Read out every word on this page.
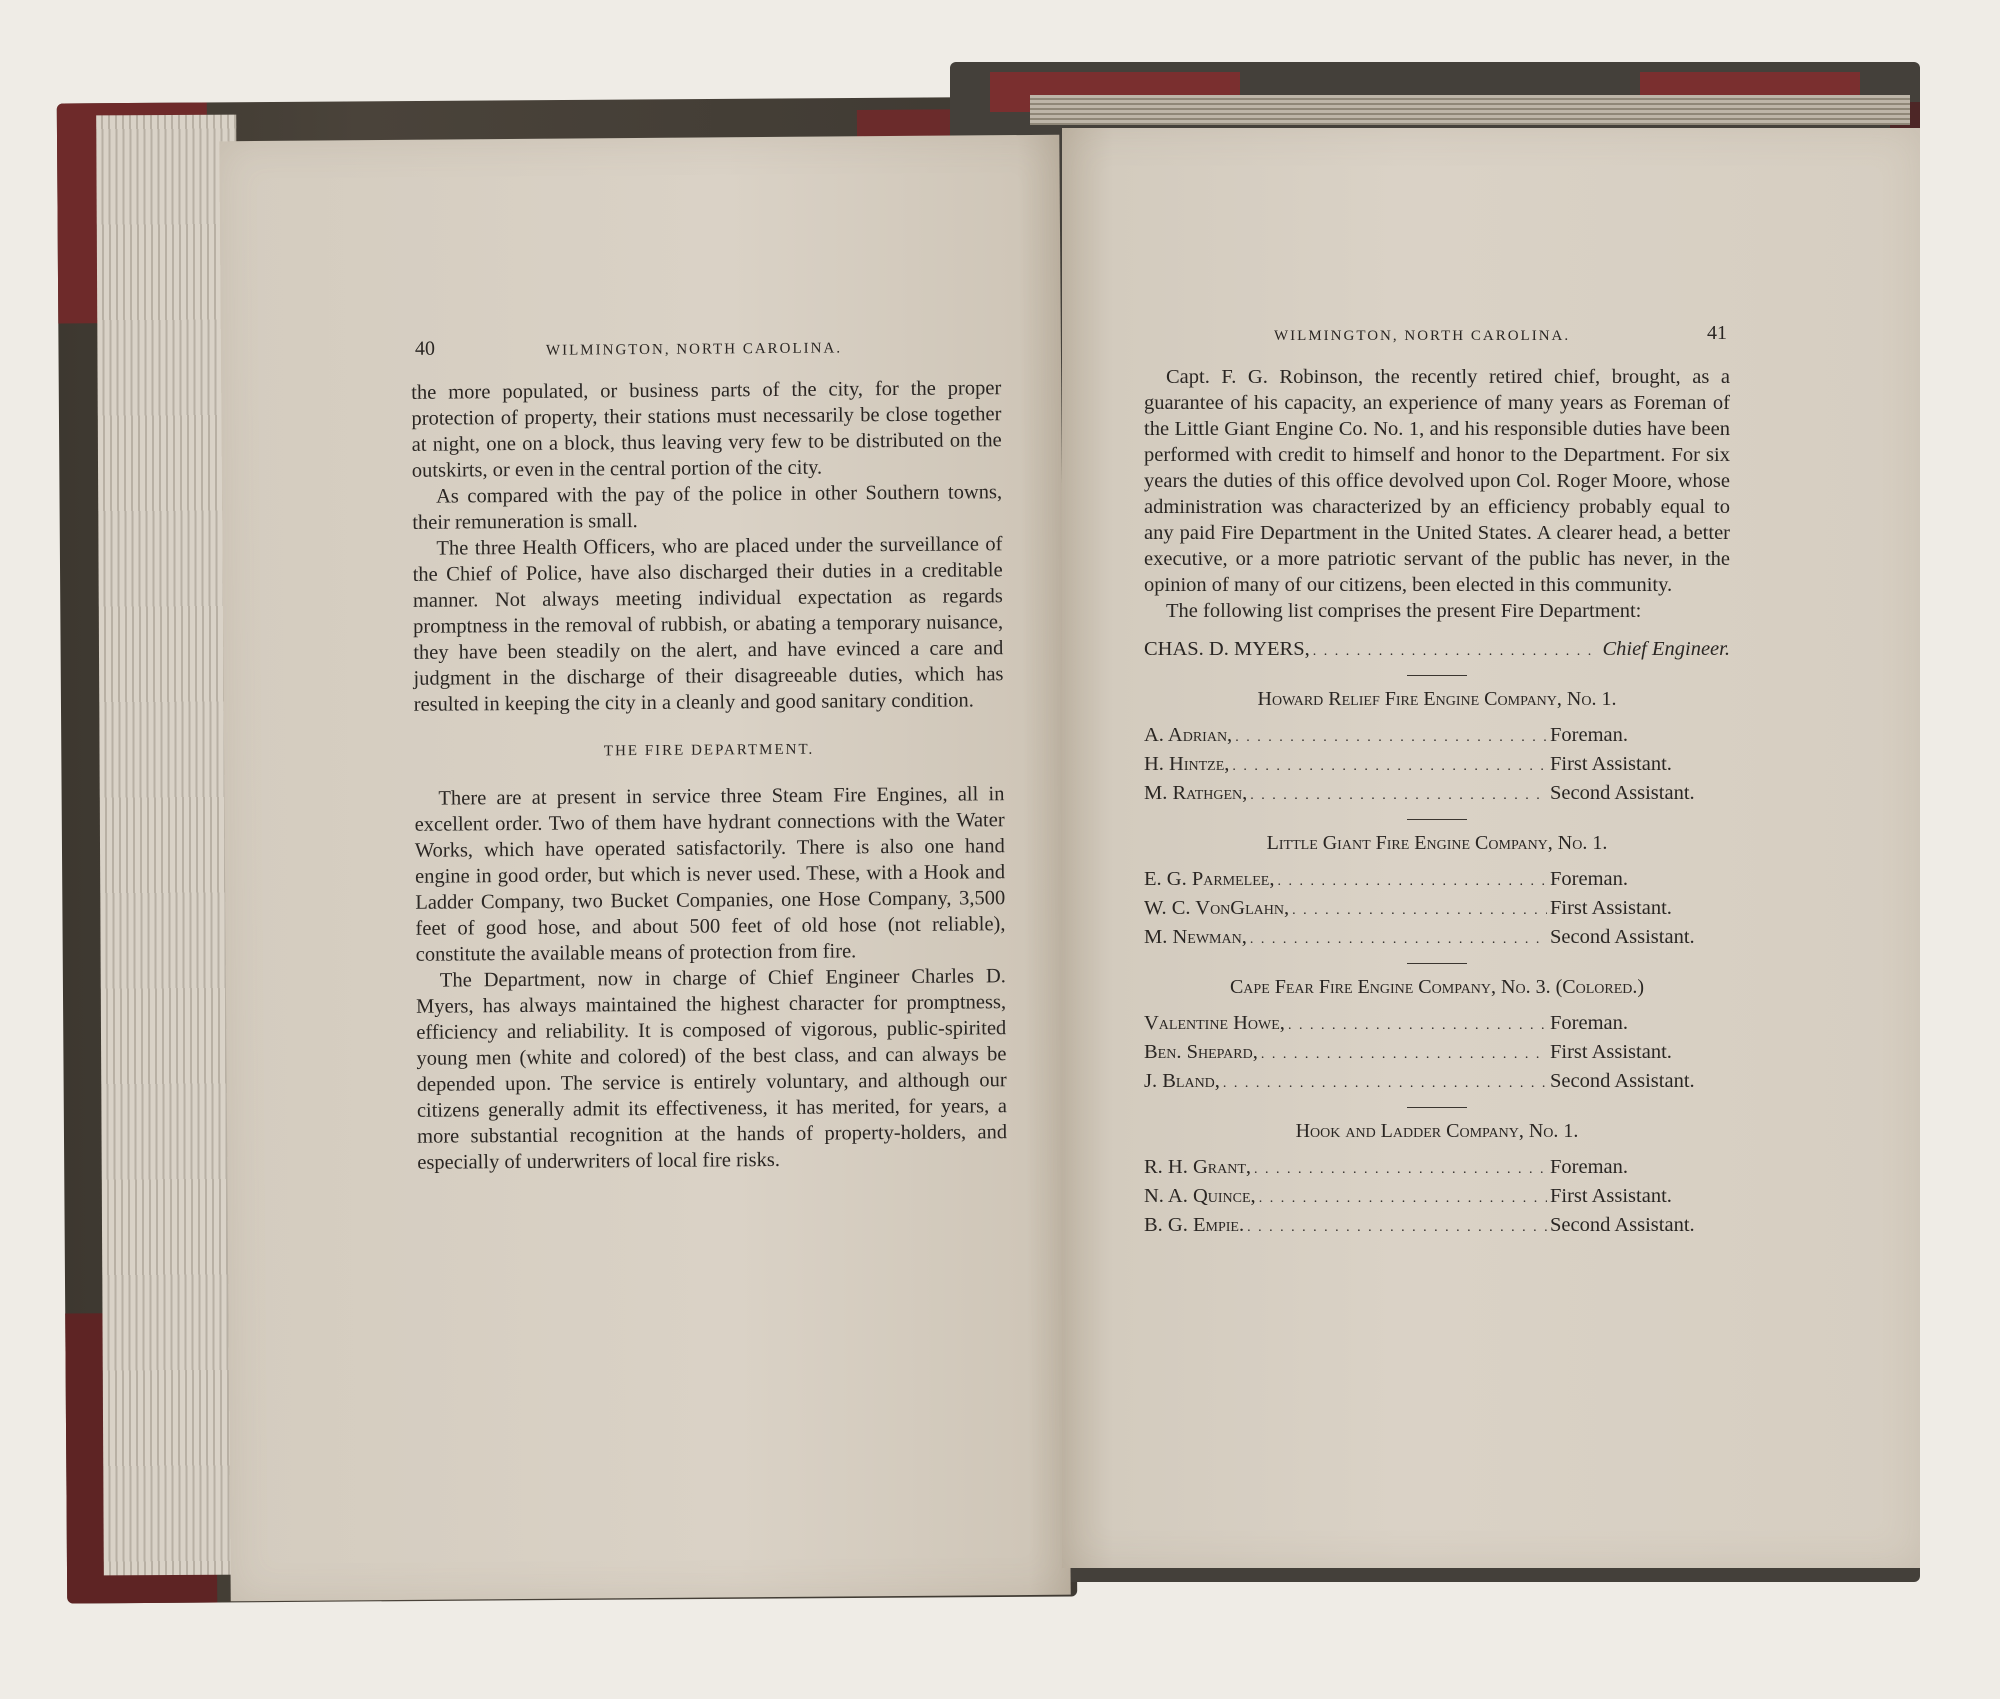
40	WILMINGTON, NORTH CAROLINA.

the more populated, or business parts of the city, for the proper protection of property, their stations must necessarily be close together at night, one on a block, thus leaving very few to be distributed on the outskirts, or even in the central portion of the city.

As compared with the pay of the police in other Southern towns, their remuneration is small.

The three Health Officers, who are placed under the surveillance of the Chief of Police, have also discharged their duties in a creditable manner. Not always meeting individual expectation as regards promptness in the removal of rubbish, or abating a temporary nuisance, they have been steadily on the alert, and have evinced a care and judgment in the discharge of their disagreeable duties, which has resulted in keeping the city in a cleanly and good sanitary condition.

THE FIRE DEPARTMENT.

There are at present in service three Steam Fire Engines, all in excellent order. Two of them have hydrant connections with the Water Works, which have operated satisfactorily. There is also one hand engine in good order, but which is never used. These, with a Hook and Ladder Company, two Bucket Companies, one Hose Company, 3,500 feet of good hose, and about 500 feet of old hose (not reliable), constitute the available means of protection from fire.

The Department, now in charge of Chief Engineer Charles D. Myers, has always maintained the highest character for promptness, efficiency and reliability. It is composed of vigorous, public-spirited young men (white and colored) of the best class, and can always be depended upon. The service is entirely voluntary, and although our citizens generally admit its effectiveness, it has merited, for years, a more substantial recognition at the hands of property-holders, and especially of underwriters of local fire risks.

WILMINGTON, NORTH CAROLINA.	41

Capt. F. G. Robinson, the recently retired chief, brought, as a guarantee of his capacity, an experience of many years as Foreman of the Little Giant Engine Co. No. 1, and his responsible duties have been performed with credit to himself and honor to the Department. For six years the duties of this office devolved upon Col. Roger Moore, whose administration was characterized by an efficiency probably equal to any paid Fire Department in the United States. A clearer head, a better executive, or a more patriotic servant of the public has never, in the opinion of many of our citizens, been elected in this community.

The following list comprises the present Fire Department:

CHAS. D. MYERS, . . .	Chief Engineer.
Howard Relief Fire Engine Company, No. 1.
A. Adrian, . . .	Foreman.
H. Hintze, . . .	First Assistant.
M. Rathgen, . . .	Second Assistant.
Little Giant Fire Engine Company, No. 1.
E. G. Parmelee, . . .	Foreman.
W. C. VonGlahn, . . .	First Assistant.
M. Newman, . . .	Second Assistant.
Cape Fear Fire Engine Company, No. 3. (Colored.)
Valentine Howe, . . .	Foreman.
Ben. Shepard, . . .	First Assistant.
J. Bland, . . .	Second Assistant.
Hook and Ladder Company, No. 1.
R. H. Grant, . . .	Foreman.
N. A. Quince, . . .	First Assistant.
B. G. Empie. . . .	Second Assistant.
